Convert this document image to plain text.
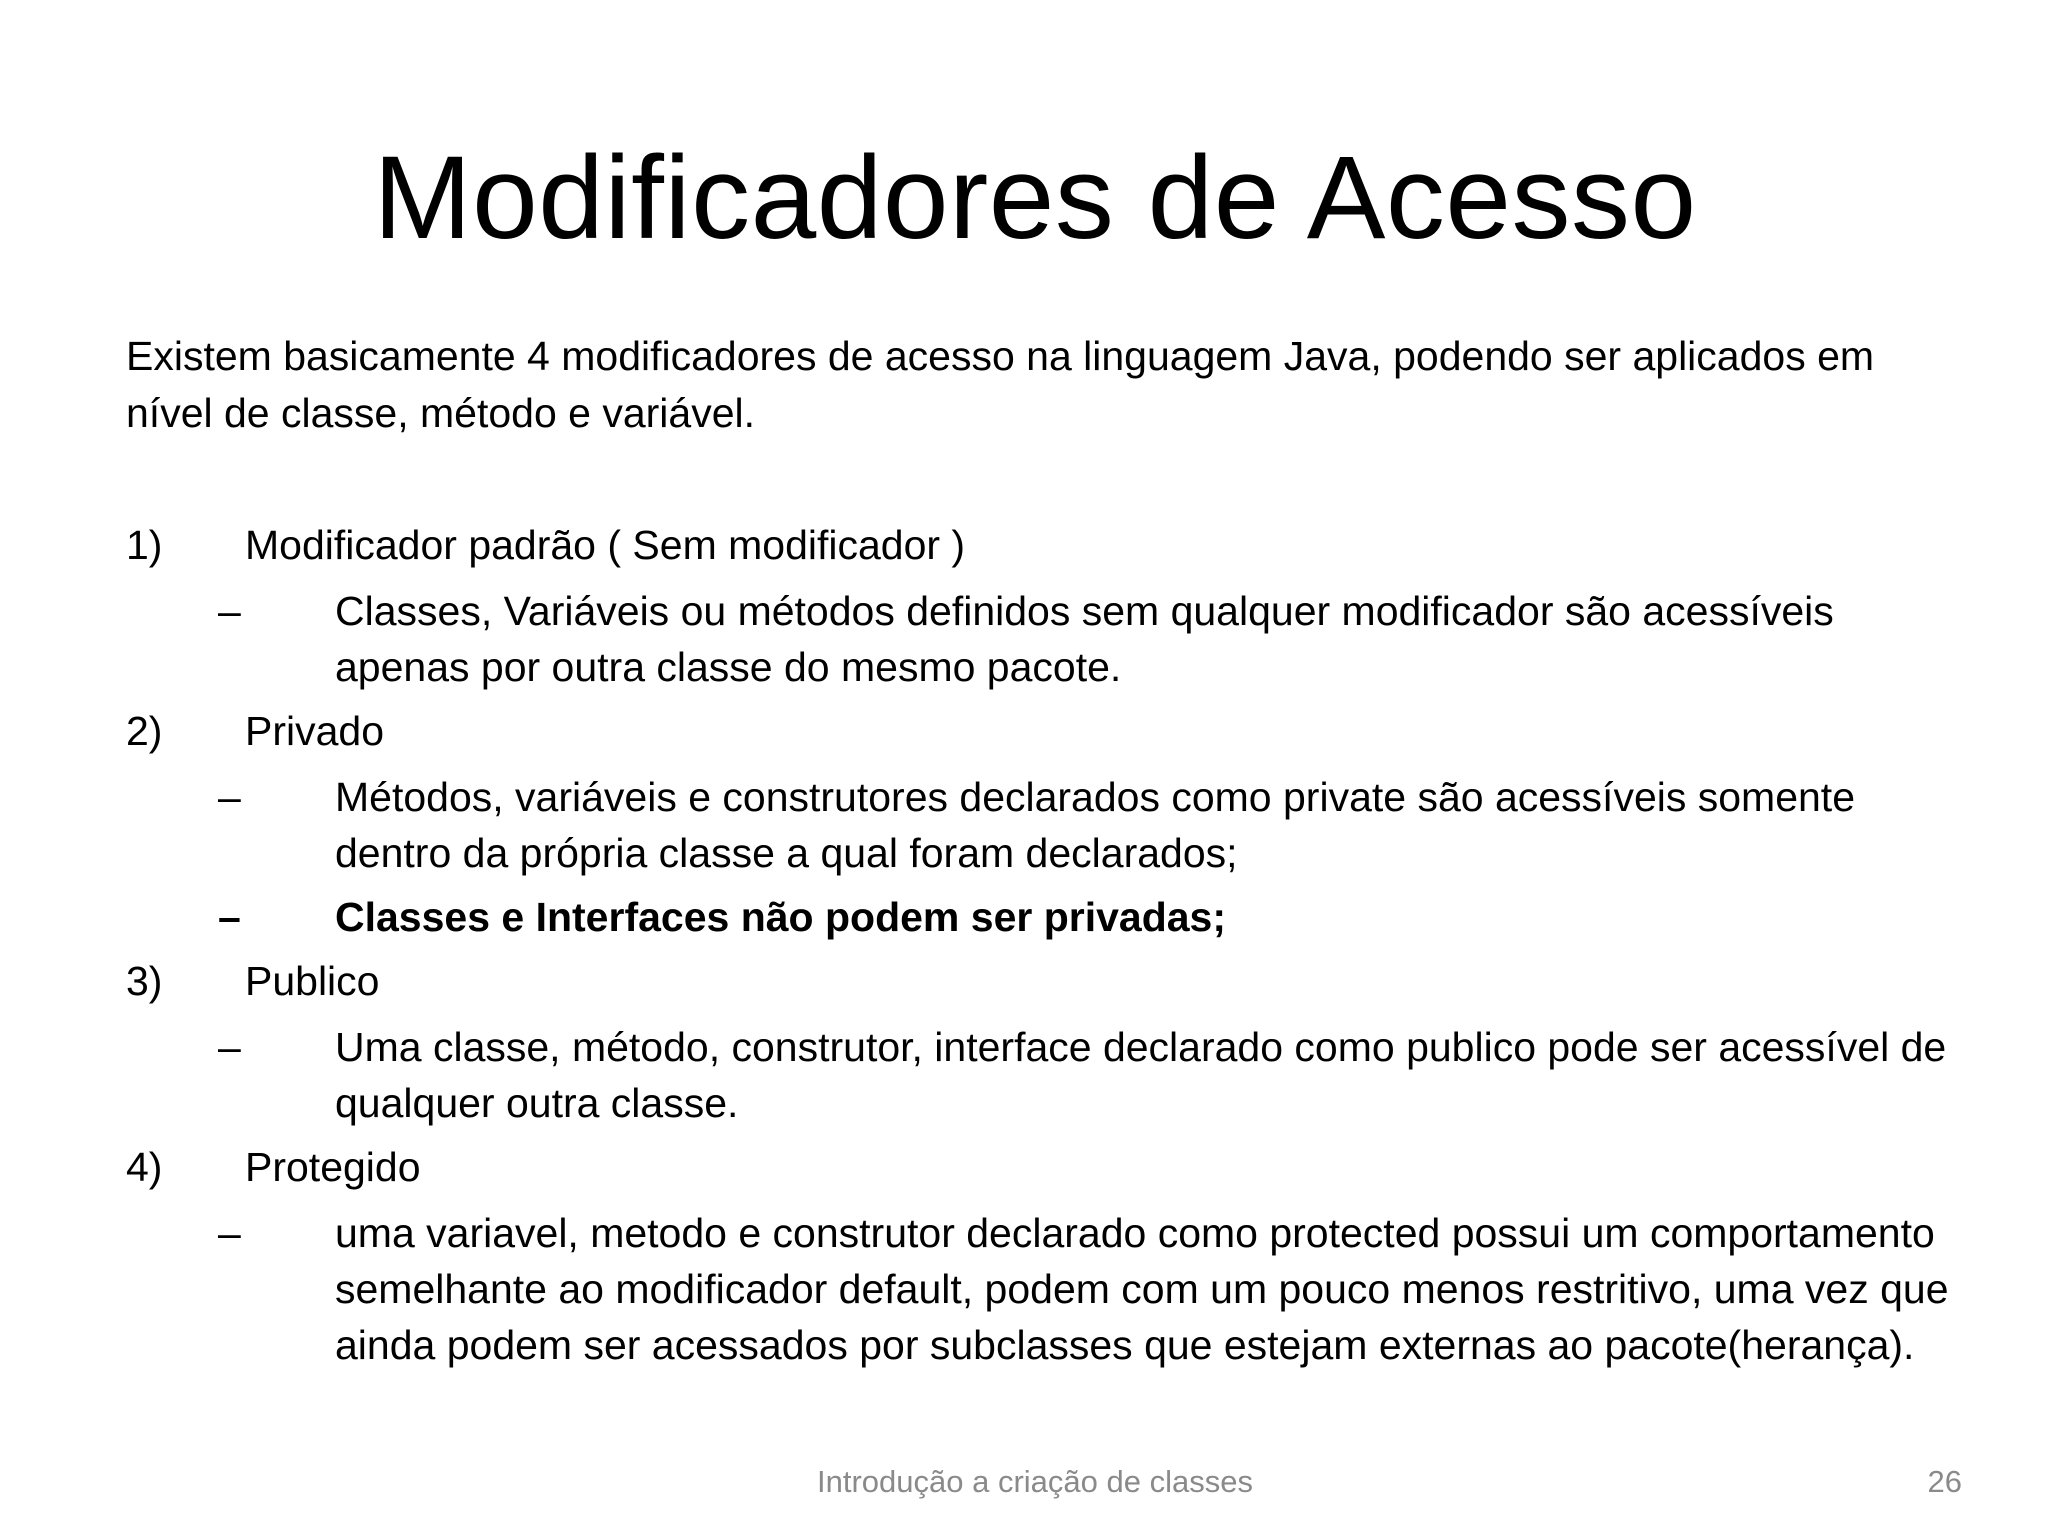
Modificadores de Acesso

Existem basicamente 4 modificadores de acesso na linguagem Java, podendo ser aplicados em nível de classe, método e variável.

1) Modificador padrão ( Sem modificador )
– Classes, Variáveis ou métodos definidos sem qualquer modificador são acessíveis apenas por outra classe do mesmo pacote.
2) Privado
– Métodos, variáveis e construtores declarados como private são acessíveis somente dentro da própria classe a qual foram declarados;
– Classes e Interfaces não podem ser privadas;
3) Publico
– Uma classe, método, construtor, interface declarado como publico pode ser acessível de qualquer outra classe.
4) Protegido
– uma variavel, metodo e construtor declarado como protected possui um comportamento semelhante ao modificador default, podem com um pouco menos restritivo, uma vez que ainda podem ser acessados por subclasses que estejam externas ao pacote(herança).
Introdução a criação de classes	26
